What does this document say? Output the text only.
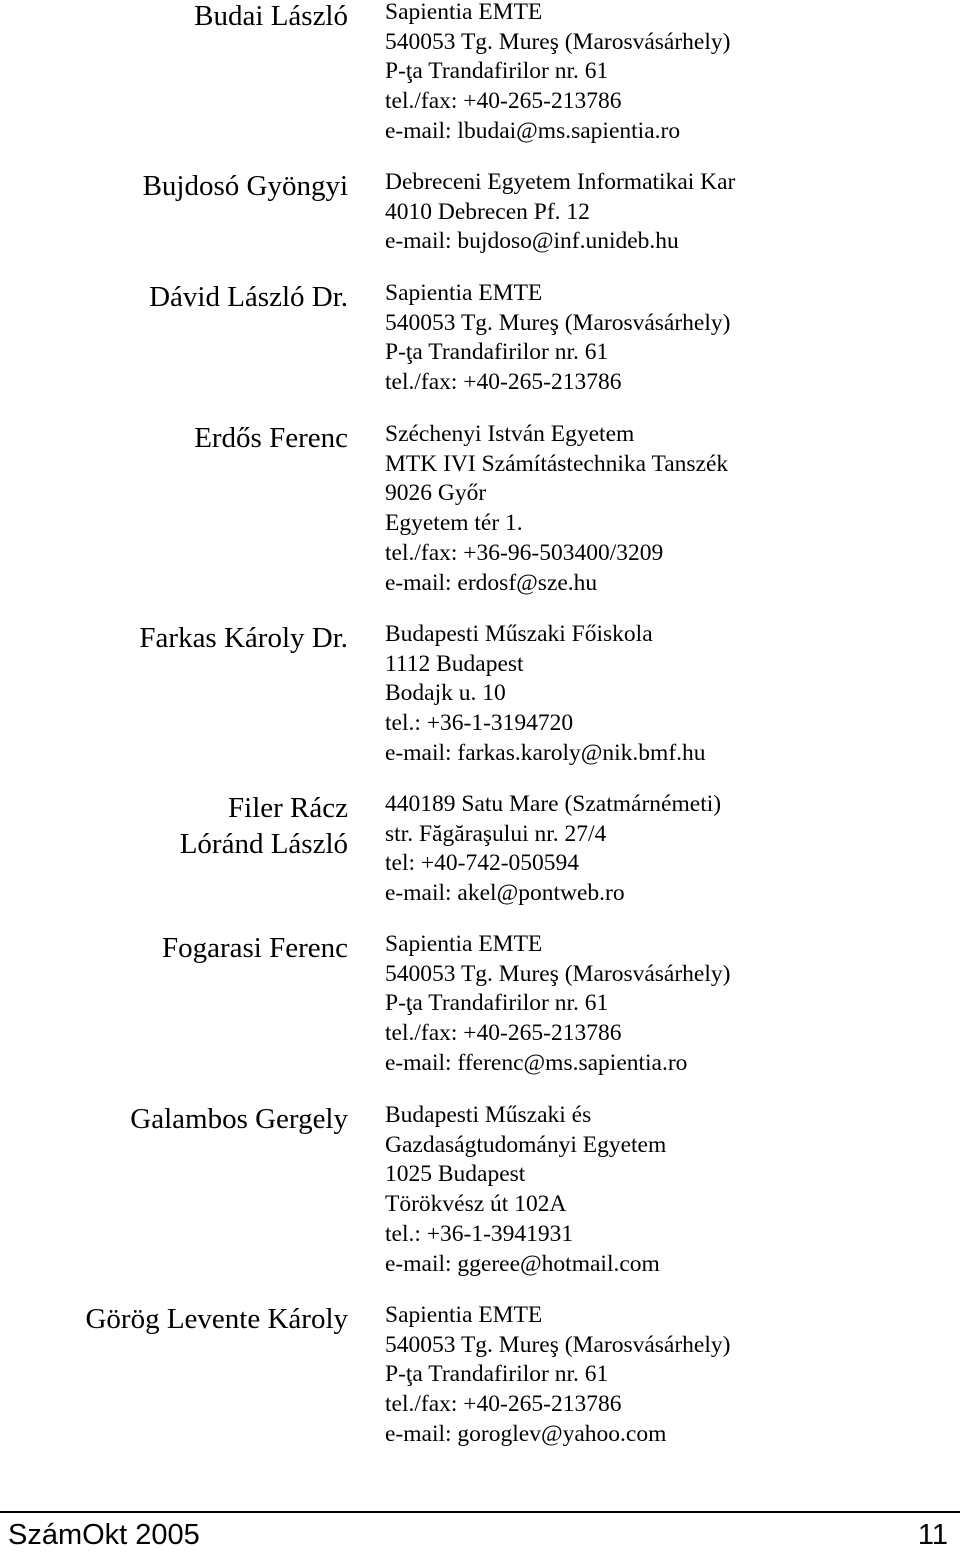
Budai László Sapientia EMTE
540053 Tg. Mureş (Marosvásárhely)
P-ţa Trandafirilor nr. 61
tel./fax: +40-265-213786
e-mail: lbudai@ms.sapientia.ro
Bujdosó Gyöngyi Debreceni Egyetem Informatikai Kar
4010 Debrecen Pf. 12
e-mail: bujdoso@inf.unideb.hu
Dávid László Dr. Sapientia EMTE
540053 Tg. Mureş (Marosvásárhely)
P-ţa Trandafirilor nr. 61
tel./fax: +40-265-213786
Erdős Ferenc Széchenyi István Egyetem
MTK IVI Számítástechnika Tanszék
9026 Győr
Egyetem tér 1.
tel./fax: +36-96-503400/3209
e-mail: erdosf@sze.hu
Farkas Károly Dr. Budapesti Műszaki Főiskola
1112 Budapest
Bodajk u. 10
tel.: +36-1-3194720
e-mail: farkas.karoly@nik.bmf.hu
Filer Rácz
Lóránd László
440189 Satu Mare (Szatmárnémeti)
str. Făgăraşului nr. 27/4
tel: +40-742-050594
e-mail: akel@pontweb.ro
Fogarasi Ferenc Sapientia EMTE
540053 Tg. Mureş (Marosvásárhely)
P-ţa Trandafirilor nr. 61
tel./fax: +40-265-213786
e-mail: fferenc@ms.sapientia.ro
Galambos Gergely Budapesti Műszaki és
Gazdaságtudományi Egyetem
1025 Budapest
Törökvész út 102A
tel.: +36-1-3941931
e-mail: ggeree@hotmail.com
Görög Levente Károly Sapientia EMTE
540053 Tg. Mureş (Marosvásárhely)
P-ţa Trandafirilor nr. 61
tel./fax: +40-265-213786
e-mail: goroglev@yahoo.com
SzámOkt 2005	11
